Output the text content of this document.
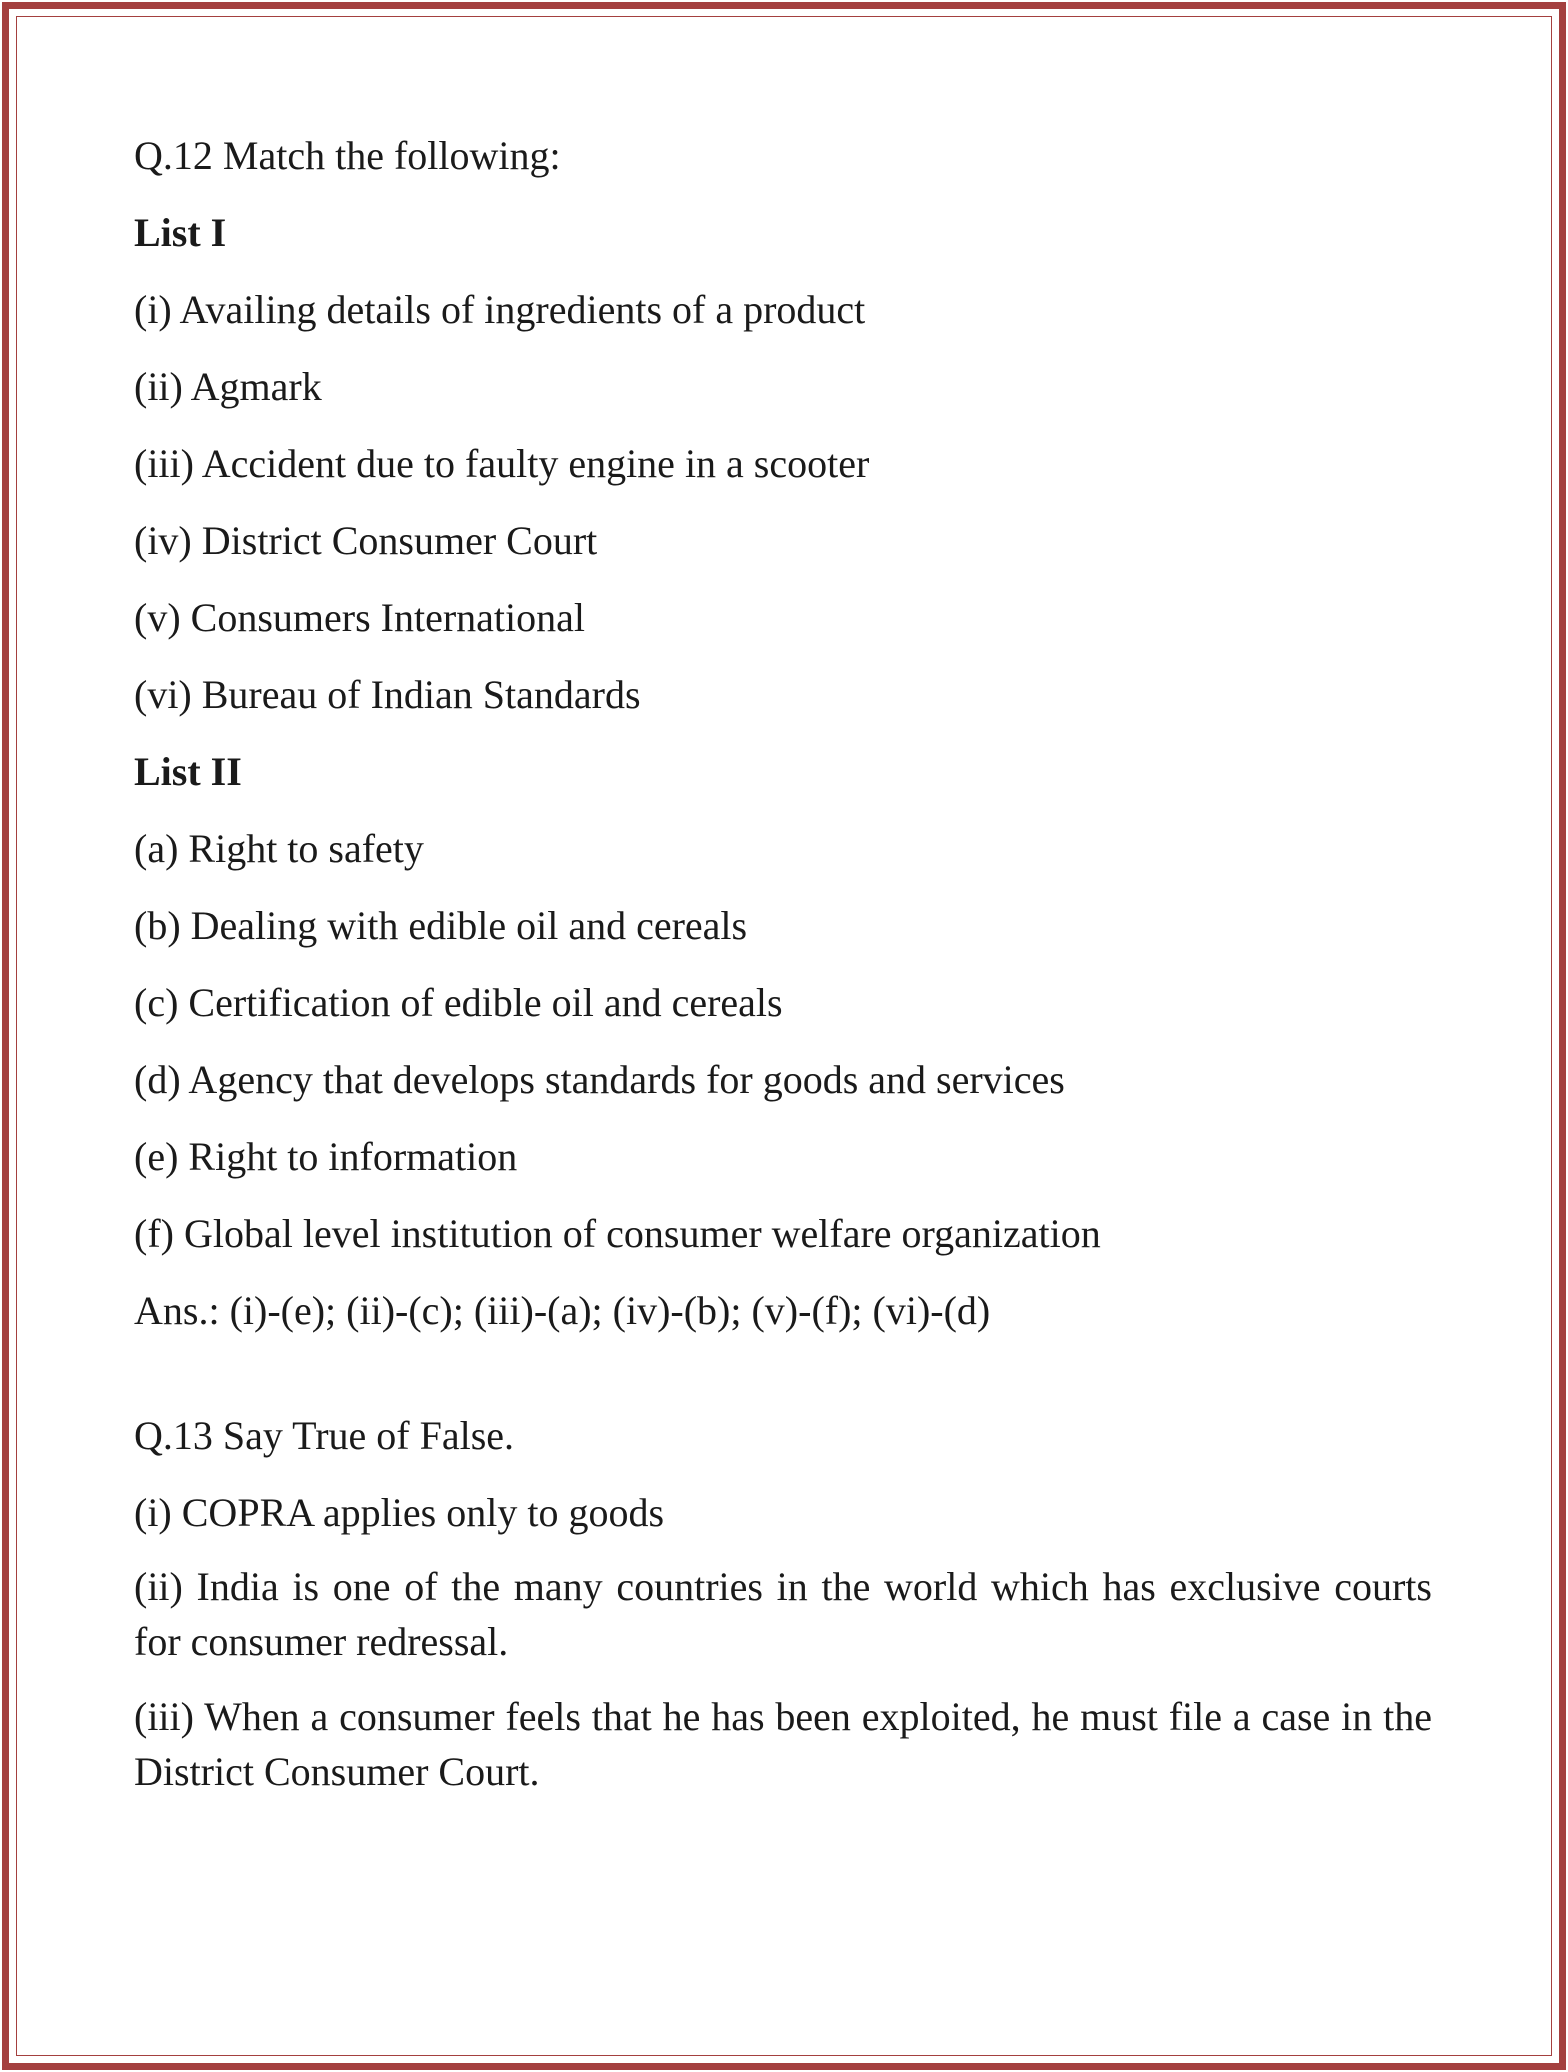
Q.12 Match the following:

List I

(i) Availing details of ingredients of a product

(ii) Agmark

(iii) Accident due to faulty engine in a scooter

(iv) District Consumer Court

(v) Consumers International

(vi) Bureau of Indian Standards

List II

(a) Right to safety

(b) Dealing with edible oil and cereals

(c) Certification of edible oil and cereals

(d) Agency that develops standards for goods and services

(e) Right to information

(f) Global level institution of consumer welfare organization

Ans.: (i)-(e); (ii)-(c); (iii)-(a); (iv)-(b); (v)-(f); (vi)-(d)

Q.13 Say True of False.

(i) COPRA applies only to goods

(ii) India is one of the many countries in the world which has exclusive courts for consumer redressal.

(iii) When a consumer feels that he has been exploited, he must file a case in the District Consumer Court.
